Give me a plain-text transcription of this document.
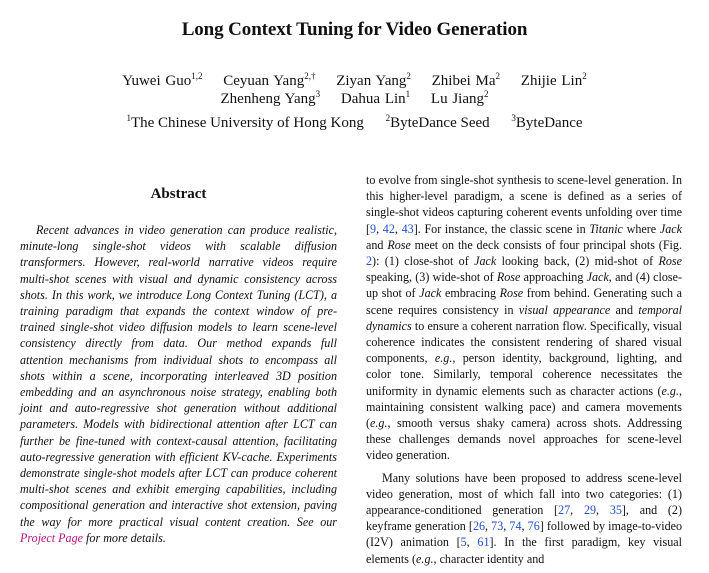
Long Context Tuning for Video Generation
Yuwei Guo$^{1,2}$ Ceyuan Yang$^{2,\dagger}$ Ziyan Yang$^2$ Zhibei Ma$^2$ Zhijie Lin$^2$
Zhenheng Yang$^3$ Dahua Lin$^1$ Lu Jiang$^2$
$^1$The Chinese University of Hong Kong $^2$ByteDance Seed $^3$ByteDance
Abstract

Recent advances in video generation can produce realistic, minute-long single-shot videos with scalable diffusion transformers. However, real-world narrative videos require multi-shot scenes with visual and dynamic consistency across shots. In this work, we introduce Long Context Tuning (LCT), a training paradigm that expands the context window of pre-trained single-shot video diffusion models to learn scene-level consistency directly from data. Our method expands full attention mechanisms from individual shots to encompass all shots within a scene, incorporating interleaved 3D position embedding and an asynchronous noise strategy, enabling both joint and auto-regressive shot generation without additional parameters. Models with bidirectional attention after LCT can further be fine-tuned with context-causal attention, facilitating auto-regressive generation with efficient KV-cache. Experiments demonstrate single-shot models after LCT can produce coherent multi-shot scenes and exhibit emerging capabilities, including compositional generation and interactive shot extension, paving the way for more practical visual content creation. See our Project Page for more details.

to evolve from single-shot synthesis to scene-level generation. In this higher-level paradigm, a scene is defined as a series of single-shot videos capturing coherent events unfolding over time [9, 42, 43]. For instance, the classic scene in Titanic where Jack and Rose meet on the deck consists of four principal shots (Fig. 2): (1) close-shot of Jack looking back, (2) mid-shot of Rose speaking, (3) wide-shot of Rose approaching Jack, and (4) close-up shot of Jack embracing Rose from behind. Generating such a scene requires consistency in visual appearance and temporal dynamics to ensure a coherent narration flow. Specifically, visual coherence indicates the consistent rendering of shared visual components, e.g., person identity, background, lighting, and color tone. Similarly, temporal coherence necessitates the uniformity in dynamic elements such as character actions (e.g., maintaining consistent walking pace) and camera movements (e.g., smooth versus shaky camera) across shots. Addressing these challenges demands novel approaches for scene-level video generation.

Many solutions have been proposed to address scene-level video generation, most of which fall into two categories: (1) appearance-conditioned generation [27, 29, 35], and (2) keyframe generation [26, 73, 74, 76] followed by image-to-video (I2V) animation [5, 61]. In the first paradigm, key visual elements (e.g., character identity and
